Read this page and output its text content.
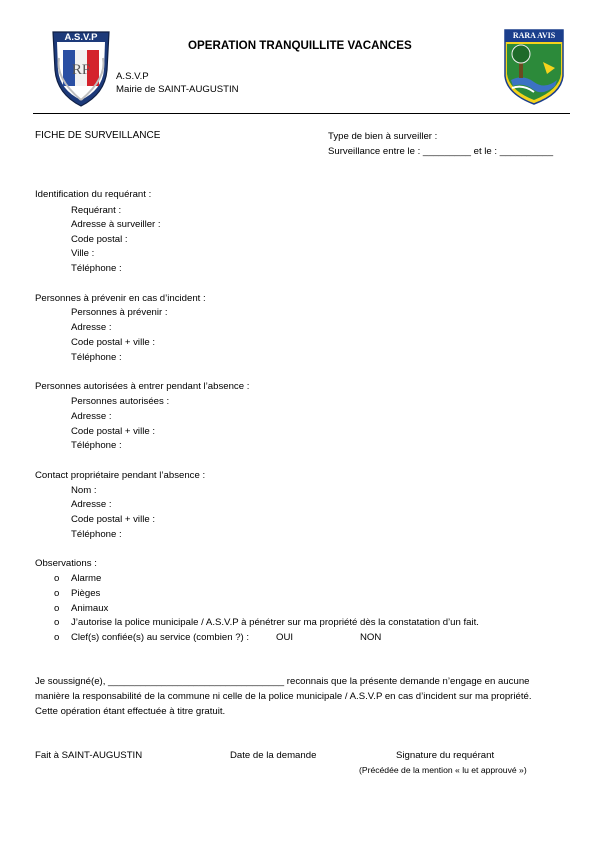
A.S.V.P
RF
OPERATION TRANQUILLITE VACANCES
A.S.V.P
Mairie de SAINT-AUGUSTIN
RARA AVIS
FICHE DE SURVEILLANCE	Type de bien à surveiller :
Surveillance entre le : _________ et le : __________
Identification du requérant :
Requérant :
Adresse à surveiller :
Code postal :
Ville :
Téléphone :
Personnes à prévenir en cas d’incident :
Personnes à prévenir :
Adresse :
Code postal + ville :
Téléphone :
Personnes autorisées à entrer pendant l’absence :
Personnes autorisées :
Adresse :
Code postal + ville :
Téléphone :
Contact propriétaire pendant l’absence :
Nom :
Adresse :
Code postal + ville :
Téléphone :
Observations :
o Alarme
o Pièges
o Animaux
o J’autorise la police municipale / A.S.V.P à pénétrer sur ma propriété dès la constatation d’un fait.
o Clef(s) confiée(s) au service (combien ?) :	OUI	NON
Je soussigné(e), _________________________________ reconnais que la présente demande n’engage en aucune
manière la responsabilité de la commune ni celle de la police municipale / A.S.V.P en cas d’incident sur ma propriété.
Cette opération étant effectuée à titre gratuit.
Fait à SAINT-AUGUSTIN	Date de la demande	Signature du requérant
(Précédée de la mention « lu et approuvé »)
